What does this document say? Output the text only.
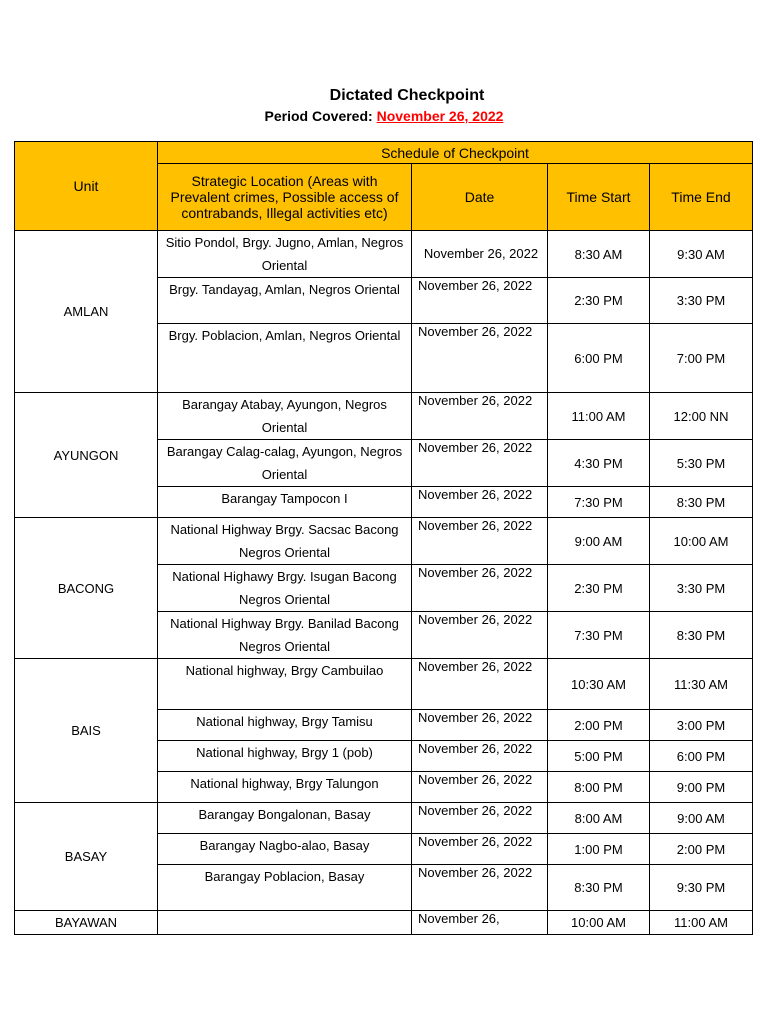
Dictated Checkpoint
Period Covered: November 26, 2022
Unit	Schedule of Checkpoint			
	Strategic Location (Areas with Prevalent crimes, Possible access of contrabands, Illegal activities etc)	Date	Time Start	Time End
AMLAN	Sitio Pondol, Brgy. Jugno, Amlan, Negros Oriental	November 26, 2022	8:30 AM	9:30 AM
	Brgy. Tandayag, Amlan, Negros Oriental	November 26, 2022	2:30 PM	3:30 PM
	Brgy. Poblacion, Amlan, Negros Oriental	November 26, 2022	6:00 PM	7:00 PM
AYUNGON	Barangay Atabay, Ayungon, Negros Oriental	November 26, 2022	11:00 AM	12:00 NN
	Barangay Calag-calag, Ayungon, Negros Oriental	November 26, 2022	4:30 PM	5:30 PM
	Barangay Tampocon I	November 26, 2022	7:30 PM	8:30 PM
BACONG	National Highway Brgy. Sacsac Bacong Negros Oriental	November 26, 2022	9:00 AM	10:00 AM
	National Highawy Brgy. Isugan Bacong Negros Oriental	November 26, 2022	2:30 PM	3:30 PM
	National Highway Brgy. Banilad Bacong Negros Oriental	November 26, 2022	7:30 PM	8:30 PM
BAIS	National highway, Brgy Cambuilao	November 26, 2022	10:30 AM	11:30 AM
	National highway, Brgy Tamisu	November 26, 2022	2:00 PM	3:00 PM
	National highway, Brgy 1 (pob)	November 26, 2022	5:00 PM	6:00 PM
	National highway, Brgy Talungon	November 26, 2022	8:00 PM	9:00 PM
BASAY	Barangay Bongalonan, Basay	November 26, 2022	8:00 AM	9:00 AM
	Barangay Nagbo-alao, Basay	November 26, 2022	1:00 PM	2:00 PM
	Barangay Poblacion, Basay	November 26, 2022	8:30 PM	9:30 PM
BAYAWAN		November 26,	10:00 AM	11:00 AM
